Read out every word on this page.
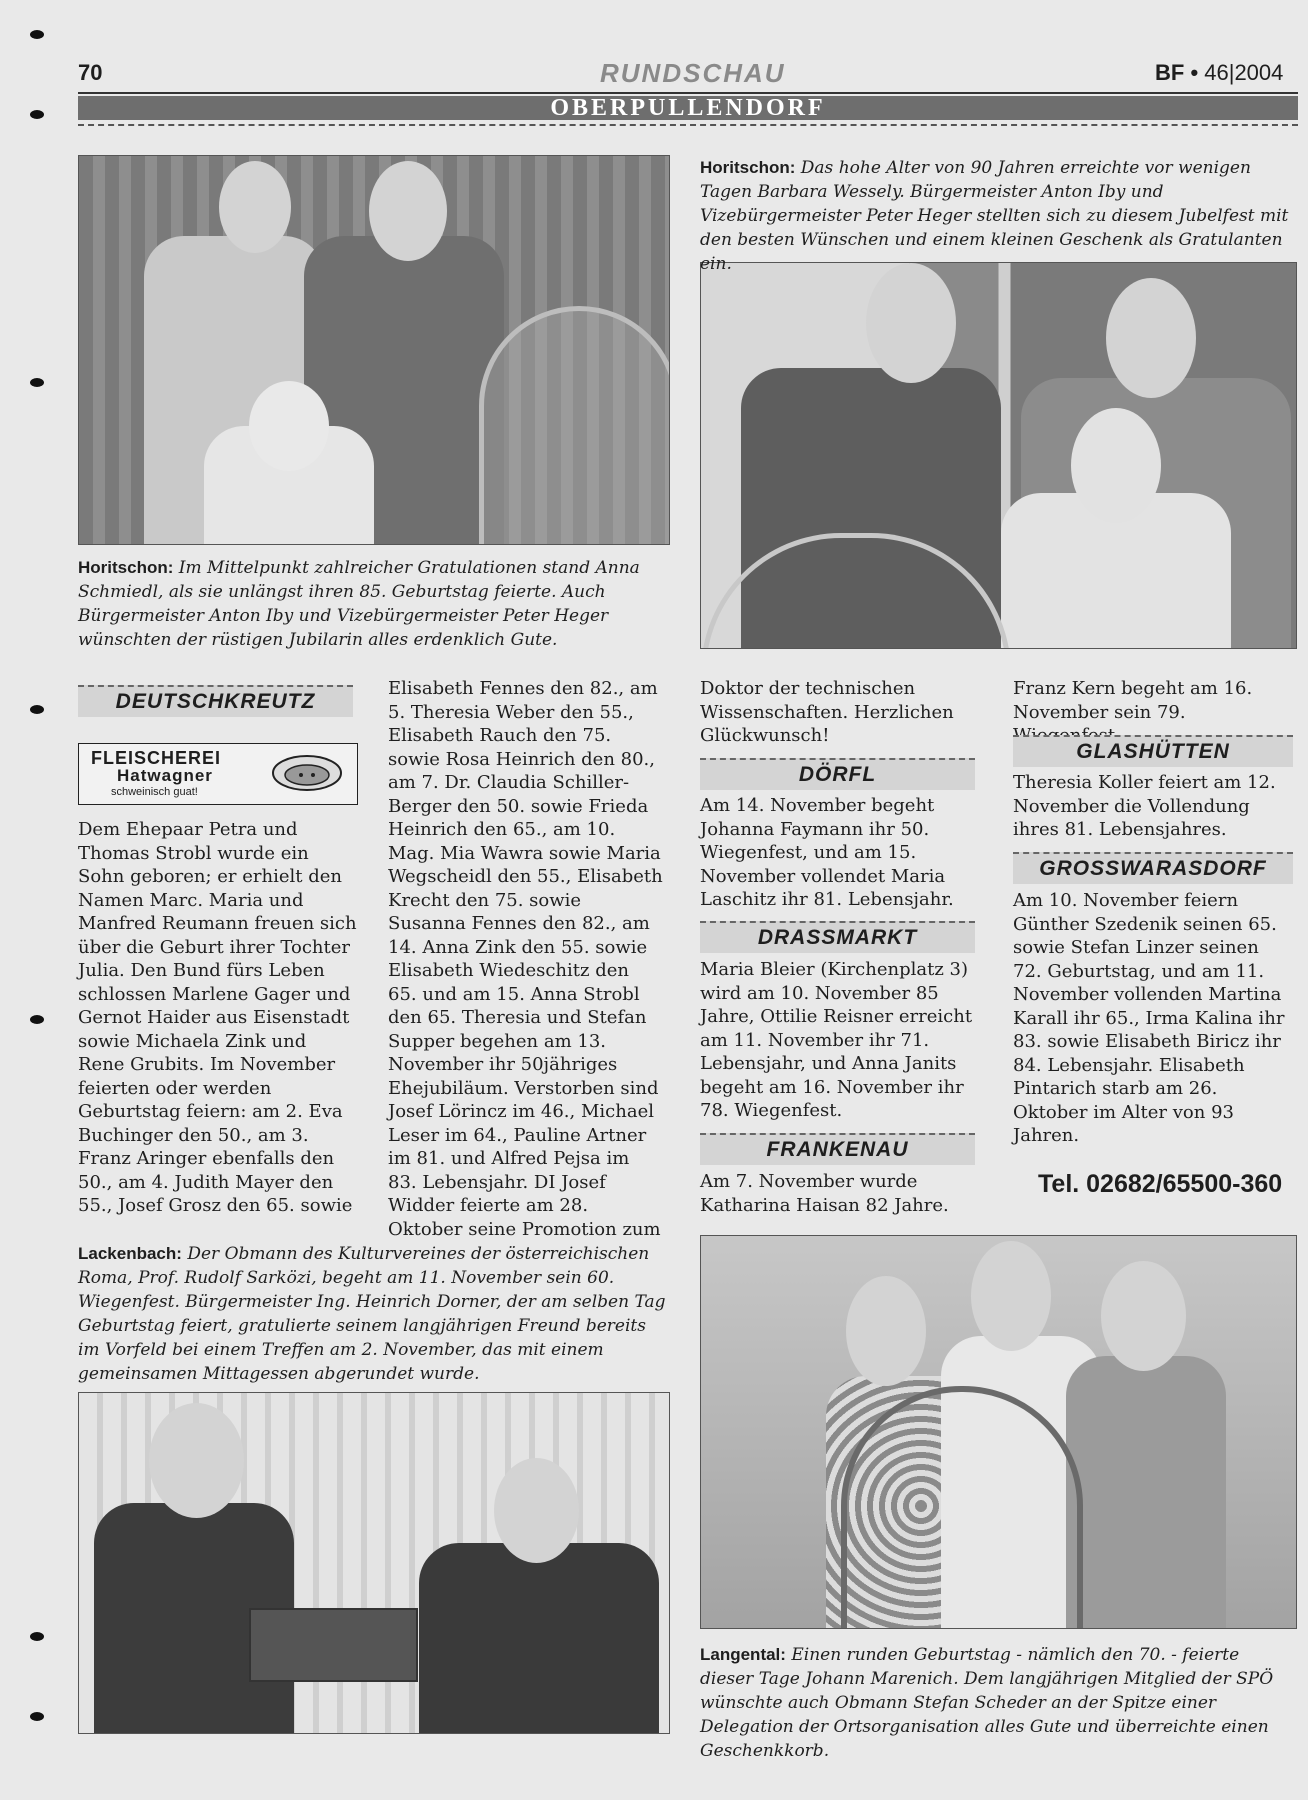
70	RUNDSCHAU	BF • 46|2004
OBERPULLENDORF
Horitschon: Im Mittelpunkt zahlreicher Gratulationen stand Anna Schmiedl, als sie unlängst ihren 85. Geburtstag feierte. Auch Bürgermeister Anton Iby und Vizebürgermeister Peter Heger wünschten der rüstigen Jubilarin alles erdenklich Gute.
Horitschon: Das hohe Alter von 90 Jahren erreichte vor wenigen Tagen Barbara Wessely. Bürgermeister Anton Iby und Vizebürgermeister Peter Heger stellten sich zu diesem Jubelfest mit den besten Wünschen und einem kleinen Geschenk als Gratulanten ein.
DEUTSCHKREUTZ
FLEISCHEREI
Hatwagner
schweinisch guat!
Dem Ehepaar Petra und Thomas Strobl wurde ein Sohn geboren; er erhielt den Namen Marc. Maria und Manfred Reumann freuen sich über die Geburt ihrer Tochter Julia. Den Bund fürs Leben schlossen Marlene Gager und Gernot Haider aus Eisenstadt sowie Michaela Zink und Rene Grubits. Im November feierten oder werden Geburtstag feiern: am 2. Eva Buchinger den 50., am 3. Franz Aringer ebenfalls den 50., am 4. Judith Mayer den 55., Josef Grosz den 65. sowie
Elisabeth Fennes den 82., am 5. Theresia Weber den 55., Elisabeth Rauch den 75. sowie Rosa Heinrich den 80., am 7. Dr. Claudia Schiller-Berger den 50. sowie Frieda Heinrich den 65., am 10. Mag. Mia Wawra sowie Maria Wegscheidl den 55., Elisabeth Krecht den 75. sowie Susanna Fennes den 82., am 14. Anna Zink den 55. sowie Elisabeth Wiedeschitz den 65. und am 15. Anna Strobl den 65. Theresia und Stefan Supper begehen am 13. November ihr 50jähriges Ehejubiläum. Verstorben sind Josef Lörincz im 46., Michael Leser im 64., Pauline Artner im 81. und Alfred Pejsa im 83. Lebensjahr. DI Josef Widder feierte am 28. Oktober seine Promotion zum
Doktor der technischen Wissenschaften. Herzlichen Glückwunsch!
DÖRFL
Am 14. November begeht Johanna Faymann ihr 50. Wiegenfest, und am 15. November vollendet Maria Laschitz ihr 81. Lebensjahr.
DRASSMARKT
Maria Bleier (Kirchenplatz 3) wird am 10. November 85 Jahre, Ottilie Reisner erreicht am 11. November ihr 71. Lebensjahr, und Anna Janits begeht am 16. November ihr 78. Wiegenfest.
FRANKENAU
Am 7. November wurde Katharina Haisan 82 Jahre.
Franz Kern begeht am 16. November sein 79.
GLASHÜTTEN
Theresia Koller feiert am 12. November die Vollendung ihres 81. Lebensjahres.
GROSSWARASDORF
Am 10. November feiern Günther Szedenik seinen 65. sowie Stefan Linzer seinen 72. Geburtstag, und am 11. November vollenden Martina Karall ihr 65., Irma Kalina ihr 83. sowie Elisabeth Biricz ihr 84. Lebensjahr. Elisabeth Pintarich starb am 26. Oktober im Alter von 93 Jahren.
Tel. 02682/65500-360
Lackenbach: Der Obmann des Kulturvereines der österreichischen Roma, Prof. Rudolf Sarközi, begeht am 11. November sein 60. Wiegenfest. Bürgermeister Ing. Heinrich Dorner, der am selben Tag Geburtstag feiert, gratulierte seinem langjährigen Freund bereits im Vorfeld bei einem Treffen am 2. November, das mit einem gemeinsamen Mittagessen abgerundet wurde.
Langental: Einen runden Geburtstag - nämlich den 70. - feierte dieser Tage Johann Marenich. Dem langjährigen Mitglied der SPÖ wünschte auch Obmann Stefan Scheder an der Spitze einer Delegation der Ortsorganisation alles Gute und überreichte einen Geschenkkorb.
